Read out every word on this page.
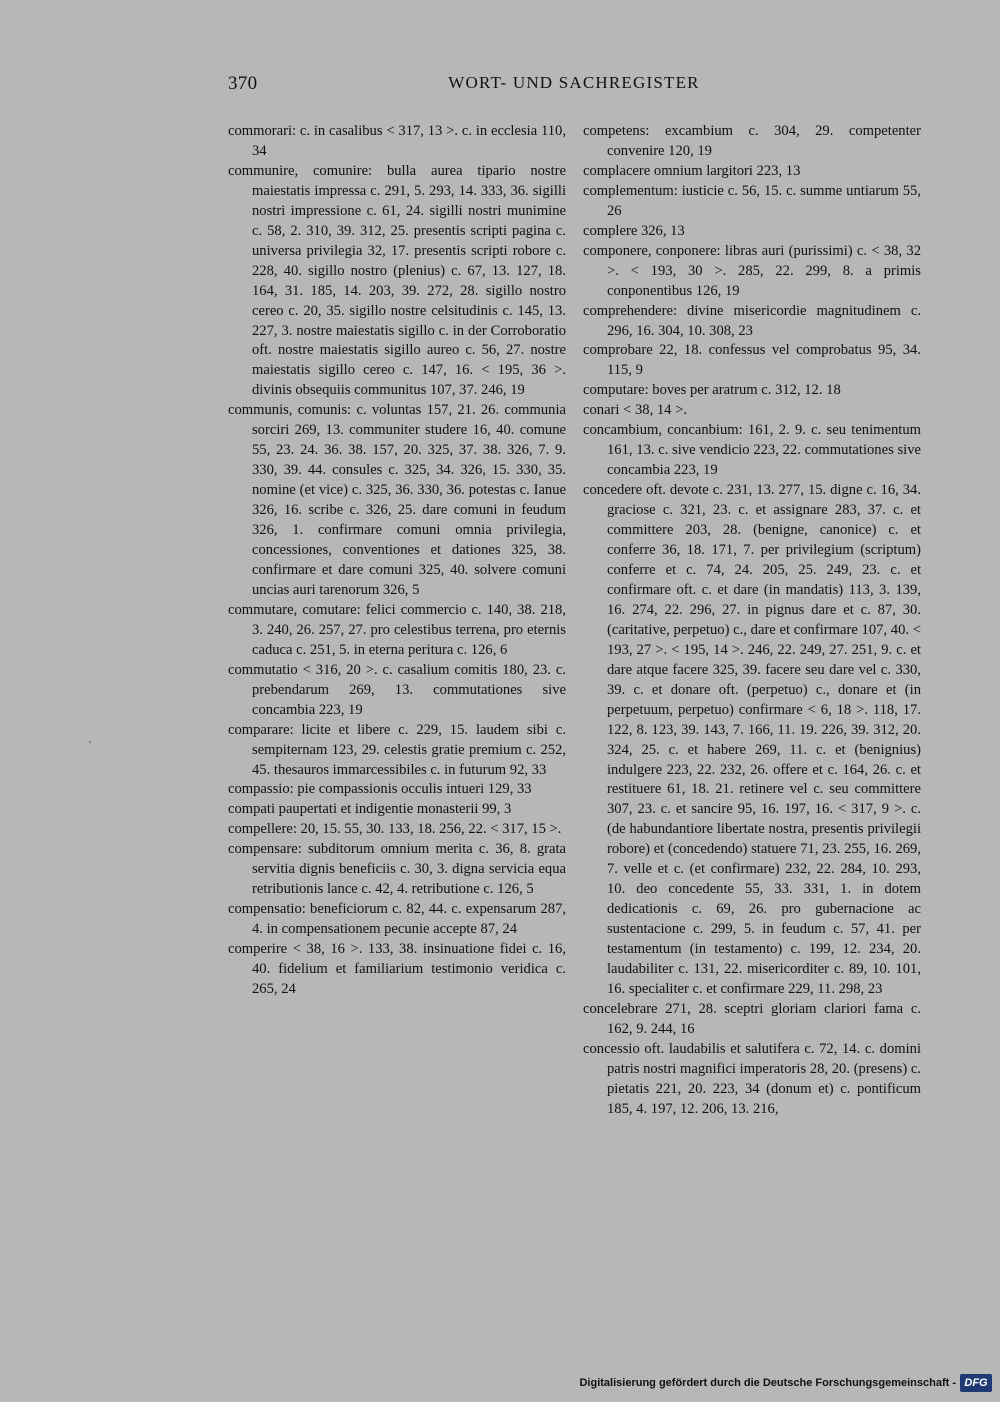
370	WORT- UND SACHREGISTER

commorari: c. in casalibus < 317, 13 >. c. in ecclesia 110, 34

communire, comunire: bulla aurea tipario nostre maiestatis impressa c. 291, 5. 293, 14. 333, 36. sigilli nostri impressione c. 61, 24. sigilli nostri munimine c. 58, 2. 310, 39. 312, 25. presentis scripti pagina c. universa privilegia 32, 17. presentis scripti robore c. 228, 40. sigillo nostro (plenius) c. 67, 13. 127, 18. 164, 31. 185, 14. 203, 39. 272, 28. sigillo nostro cereo c. 20, 35. sigillo nostre celsitudinis c. 145, 13. 227, 3. nostre maiestatis sigillo c. in der Corroboratio oft. nostre maiestatis sigillo aureo c. 56, 27. nostre maiestatis sigillo cereo c. 147, 16. < 195, 36 >. divinis obsequiis communitus 107, 37. 246, 19

communis, comunis: c. voluntas 157, 21. 26. communia sorciri 269, 13. communiter studere 16, 40. comune 55, 23. 24. 36. 38. 157, 20. 325, 37. 38. 326, 7. 9. 330, 39. 44. consules c. 325, 34. 326, 15. 330, 35. nomine (et vice) c. 325, 36. 330, 36. potestas c. Ianue 326, 16. scribe c. 326, 25. dare comuni in feudum 326, 1. confirmare comuni omnia privilegia, concessiones, conventiones et dationes 325, 38. confirmare et dare comuni 325, 40. solvere comuni uncias auri tarenorum 326, 5

commutare, comutare: felici commercio c. 140, 38. 218, 3. 240, 26. 257, 27. pro celestibus terrena, pro eternis caduca c. 251, 5. in eterna peritura c. 126, 6

commutatio < 316, 20 >. c. casalium comitis 180, 23. c. prebendarum 269, 13. commutationes sive concambia 223, 19

comparare: licite et libere c. 229, 15. laudem sibi c. sempiternam 123, 29. celestis gratie premium c. 252, 45. thesauros immarcessibiles c. in futurum 92, 33

compassio: pie compassionis occulis intueri 129, 33

compati paupertati et indigentie monasterii 99, 3

compellere: 20, 15. 55, 30. 133, 18. 256, 22. < 317, 15 >.

compensare: subditorum omnium merita c. 36, 8. grata servitia dignis beneficiis c. 30, 3. digna servicia equa retributionis lance c. 42, 4. retributione c. 126, 5

compensatio: beneficiorum c. 82, 44. c. expensarum 287, 4. in compensationem pecunie accepte 87, 24

comperire < 38, 16 >. 133, 38. insinuatione fidei c. 16, 40. fidelium et familiarium testimonio veridica c. 265, 24

competens: excambium c. 304, 29. competenter convenire 120, 19

complacere omnium largitori 223, 13

complementum: iusticie c. 56, 15. c. summe untiarum 55, 26

complere 326, 13

componere, conponere: libras auri (purissimi) c. < 38, 32 >. < 193, 30 >. 285, 22. 299, 8. a primis conponentibus 126, 19

comprehendere: divine misericordie magnitudinem c. 296, 16. 304, 10. 308, 23

comprobare 22, 18. confessus vel comprobatus 95, 34. 115, 9

computare: boves per aratrum c. 312, 12. 18

conari < 38, 14 >.

concambium, concanbium: 161, 2. 9. c. seu tenimentum 161, 13. c. sive vendicio 223, 22. commutationes sive concambia 223, 19

concedere oft. devote c. 231, 13. 277, 15. digne c. 16, 34. graciose c. 321, 23. c. et assignare 283, 37. c. et committere 203, 28. (benigne, canonice) c. et conferre 36, 18. 171, 7. per privilegium (scriptum) conferre et c. 74, 24. 205, 25. 249, 23. c. et confirmare oft. c. et dare (in mandatis) 113, 3. 139, 16. 274, 22. 296, 27. in pignus dare et c. 87, 30. (caritative, perpetuo) c., dare et confirmare 107, 40. < 193, 27 >. < 195, 14 >. 246, 22. 249, 27. 251, 9. c. et dare atque facere 325, 39. facere seu dare vel c. 330, 39. c. et donare oft. (perpetuo) c., donare et (in perpetuum, perpetuo) confirmare < 6, 18 >. 118, 17. 122, 8. 123, 39. 143, 7. 166, 11. 19. 226, 39. 312, 20. 324, 25. c. et habere 269, 11. c. et (benignius) indulgere 223, 22. 232, 26. offere et c. 164, 26. c. et restituere 61, 18. 21. retinere vel c. seu committere 307, 23. c. et sancire 95, 16. 197, 16. < 317, 9 >. c. (de habundantiore libertate nostra, presentis privilegii robore) et (concedendo) statuere 71, 23. 255, 16. 269, 7. velle et c. (et confirmare) 232, 22. 284, 10. 293, 10. deo concedente 55, 33. 331, 1. in dotem dedicationis c. 69, 26. pro gubernacione ac sustentacione c. 299, 5. in feudum c. 57, 41. per testamentum (in testamento) c. 199, 12. 234, 20. laudabiliter c. 131, 22. misericorditer c. 89, 10. 101, 16. specialiter c. et confirmare 229, 11. 298, 23

concelebrare 271, 28. sceptri gloriam clariori fama c. 162, 9. 244, 16

concessio oft. laudabilis et salutifera c. 72, 14. c. domini patris nostri magnifici imperatoris 28, 20. (presens) c. pietatis 221, 20. 223, 34 (donum et) c. pontificum 185, 4. 197, 12. 206, 13. 216,

Digitalisierung gefördert durch die Deutsche Forschungsgemeinschaft - DFG
